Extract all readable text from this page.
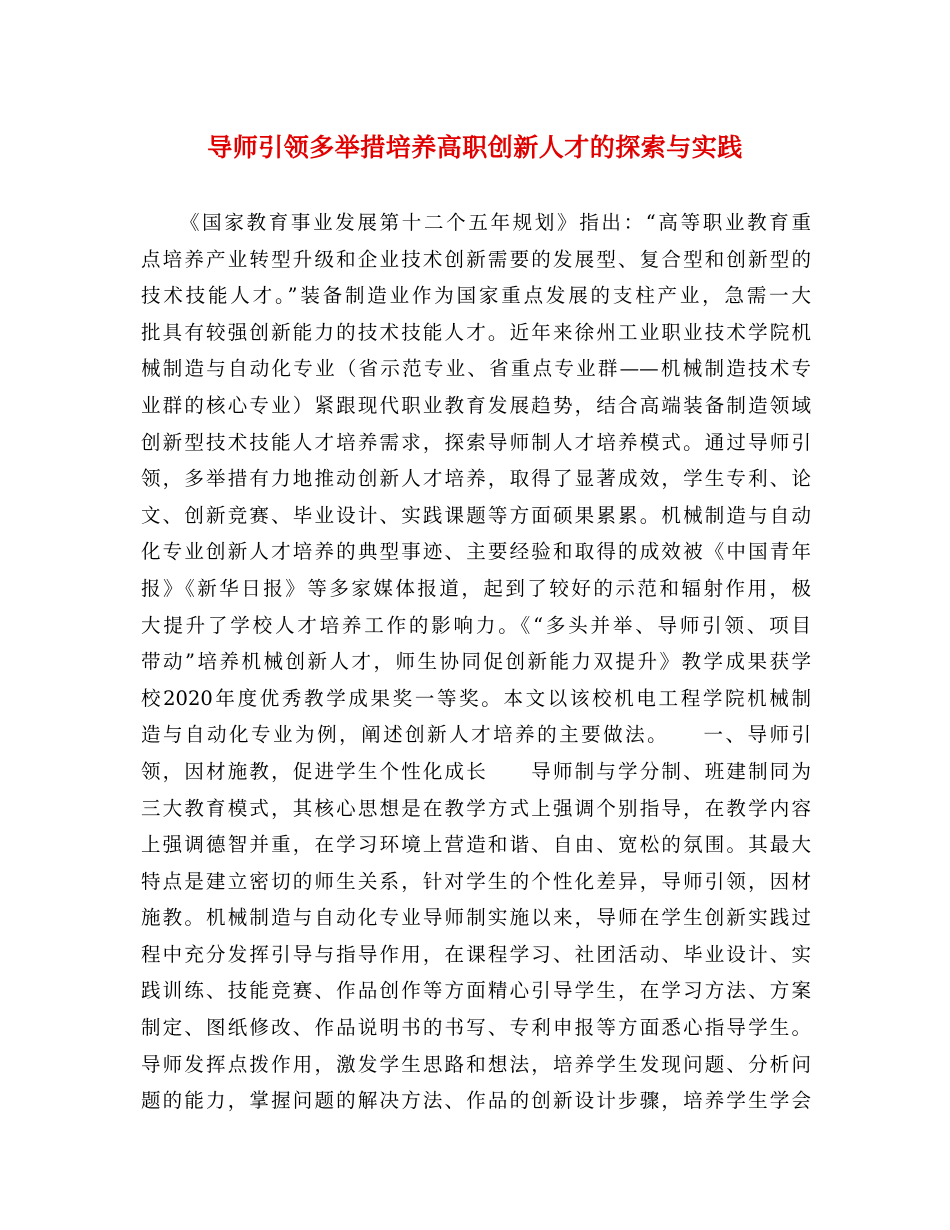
导师引领多举措培养高职创新人才的探索与实践
《国家教育事业发展第十二个五年规划》指出：“高等职业教育重
点培养产业转型升级和企业技术创新需要的发展型、复合型和创新型的
技术技能人才。”装备制造业作为国家重点发展的支柱产业，急需一大
批具有较强创新能力的技术技能人才。近年来徐州工业职业技术学院机
械制造与自动化专业（省示范专业、省重点专业群——机械制造技术专
业群的核心专业）紧跟现代职业教育发展趋势，结合高端装备制造领域
创新型技术技能人才培养需求，探索导师制人才培养模式。通过导师引
领，多举措有力地推动创新人才培养，取得了显著成效，学生专利、论
文、创新竞赛、毕业设计、实践课题等方面硕果累累。机械制造与自动
化专业创新人才培养的典型事迹、主要经验和取得的成效被《中国青年
报》《新华日报》等多家媒体报道，起到了较好的示范和辐射作用，极
大提升了学校人才培养工作的影响力。《“多头并举、导师引领、项目
带动”培养机械创新人才，师生协同促创新能力双提升》教学成果获学
校2020年度优秀教学成果奖一等奖。本文以该校机电工程学院机械制
造与自动化专业为例，阐述创新人才培养的主要做法。　　一、导师引
领，因材施教，促进学生个性化成长　　导师制与学分制、班建制同为
三大教育模式，其核心思想是在教学方式上强调个别指导，在教学内容
上强调德智并重，在学习环境上营造和谐、自由、宽松的氛围。其最大
特点是建立密切的师生关系，针对学生的个性化差异，导师引领，因材
施教。机械制造与自动化专业导师制实施以来，导师在学生创新实践过
程中充分发挥引导与指导作用，在课程学习、社团活动、毕业设计、实
践训练、技能竞赛、作品创作等方面精心引导学生，在学习方法、方案
制定、图纸修改、作品说明书的书写、专利申报等方面悉心指导学生。
导师发挥点拨作用，激发学生思路和想法，培养学生发现问题、分析问
题的能力，掌握问题的解决方法、作品的创新设计步骤，培养学生学会
